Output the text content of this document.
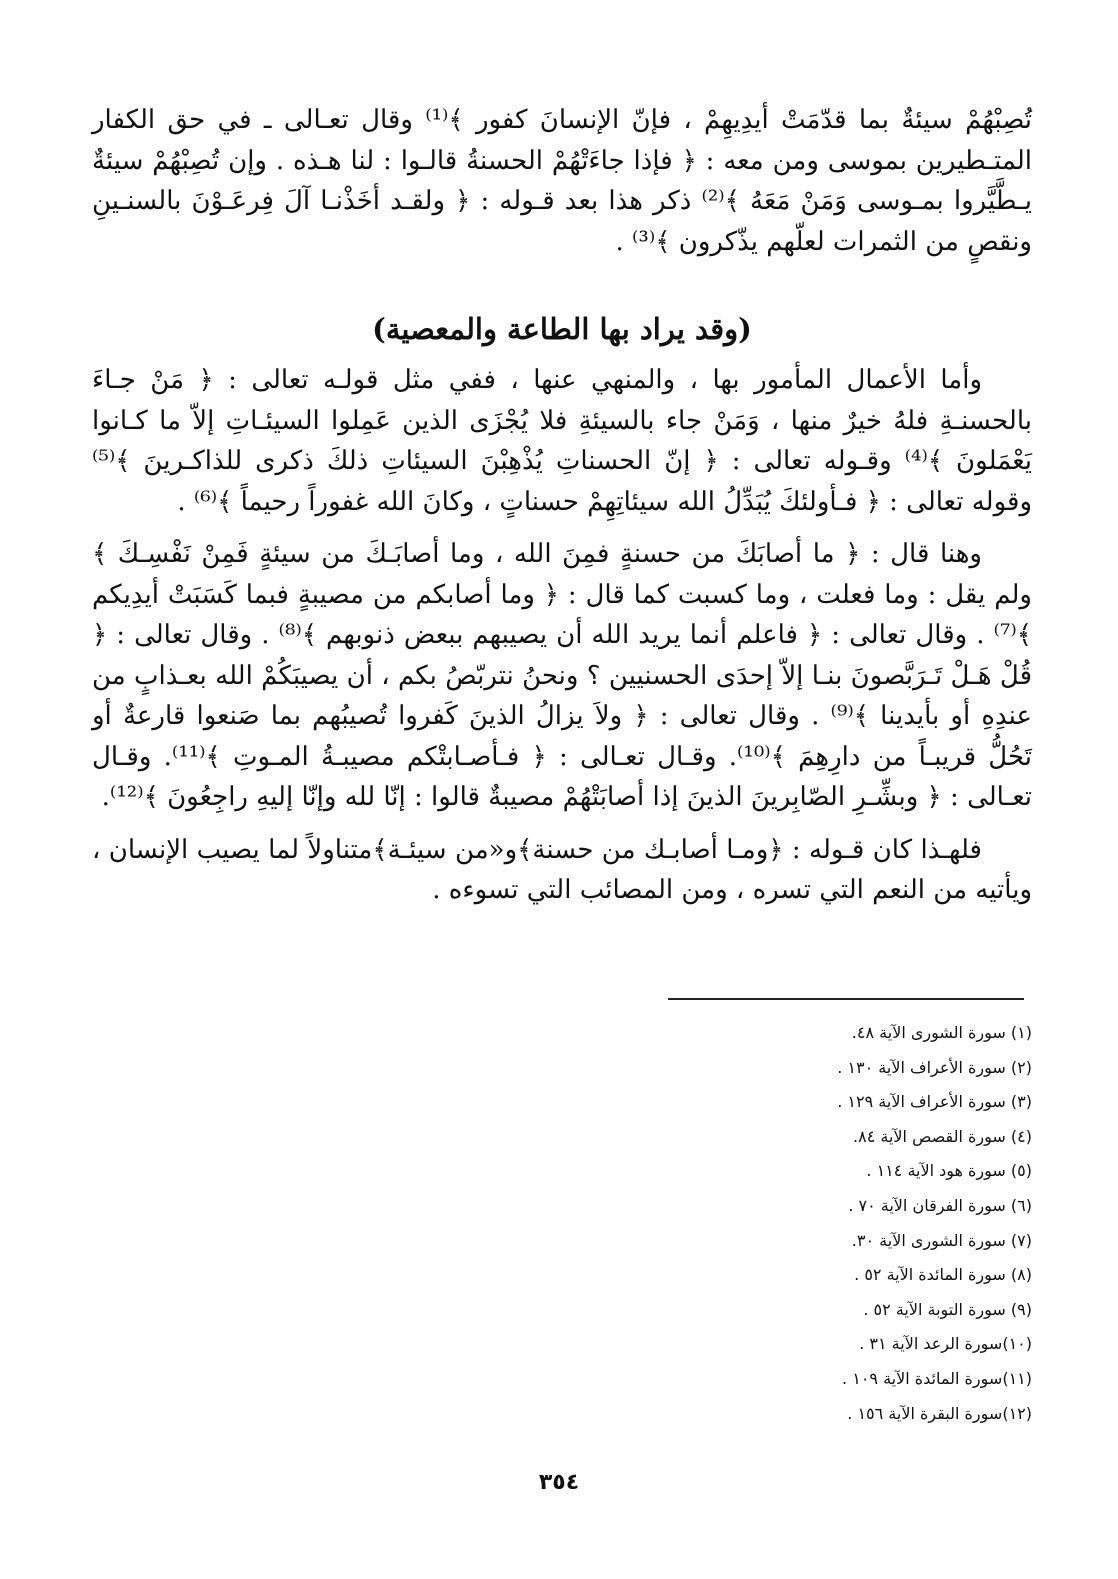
تُصِبْهُمْ سيئةٌ بما قدّمَتْ أيدِيهِمْ ، فإنّ الإنسانَ كفور ﴾⁽¹⁾ وقال تعـالى ـ في حق الكفار المتـطيرين بموسى ومن معه : ﴿ فإذا جاءَتْهُمْ الحسنةُ قالـوا : لنا هـذه . وإن تُصِبْهُمْ سيئةٌ يـطَّيَّروا بمـوسى وَمَنْ مَعَهُ ﴾⁽²⁾ ذكر هذا بعد قـوله : ﴿ ولقـد أخَذْنـا آلَ فِرعَـوْنَ بالسنـينِ ونقصٍ من الثمرات لعلّهم يذّكرون ﴾⁽³⁾ .

(وقد يراد بها الطاعة والمعصية)

وأما الأعمال المأمور بها ، والمنهي عنها ، ففي مثل قولـه تعالى : ﴿ مَنْ جـاءَ بالحسنـةِ فلهُ خيرٌ منها ، وَمَنْ جاء بالسيئةِ فلا يُجْزَى الذين عَمِلوا السيئـاتِ إلاّ ما كـانوا يَعْمَلونَ ﴾⁽⁴⁾ وقـوله تعالى : ﴿ إنّ الحسناتِ يُذْهِبْنَ السيئاتِ ذلكَ ذكرى للذاكـرينَ ﴾⁽⁵⁾ وقوله تعالى : ﴿ فـأولئكَ يُبَدِّلُ الله سيئاتِهِمْ حسناتٍ ، وكانَ الله غفوراً رحيماً ﴾⁽⁶⁾ .

وهنا قال : ﴿ ما أصابَكَ من حسنةٍ فمِنَ الله ، وما أصابَـكَ من سيئةٍ فَمِنْ نَفْسِـكَ ﴾ ولم يقل : وما فعلت ، وما كسبت كما قال : ﴿ وما أصابكم من مصيبةٍ فبما كَسَبَتْ أيدِيكم ﴾⁽⁷⁾ . وقال تعالى : ﴿ فاعلم أنما يريد الله أن يصيبهم ببعض ذنوبهم ﴾⁽⁸⁾ . وقال تعالى : ﴿ قُلْ هَـلْ تَـرَبَّصونَ بنـا إلاّ إحدَى الحسنيين ؟ ونحنُ نتربّصُ بكم ، أن يصيبَكُمْ الله بعـذابٍ من عندِهِ أو بأيدينا ﴾⁽⁹⁾ . وقال تعالى : ﴿ ولاَ يزالُ الذينَ كَفروا تُصيبُهم بما صَنعوا قارعةٌ أو تَحُلُّ قريبـاً من دارِهِمَ ﴾⁽¹⁰⁾. وقـال تعـالى : ﴿ فـأصـابتْكم مصيبـةُ المـوتِ ﴾⁽¹¹⁾. وقـال تعـالى : ﴿ وبشِّـرِ الصّابِرينَ الذينَ إذا أصابَتْهُمْ مصيبةٌ قالوا : إنّا لله وإنّا إليهِ راجِعُونَ ﴾⁽¹²⁾.

فلهـذا كان قـوله : ﴿ومـا أصابـك من حسنة﴾و«من سيئـة﴾متناولاً لما يصيب الإنسان ، ويأتيه من النعم التي تسره ، ومن المصائب التي تسوءه .

(١) سورة الشورى الآية ٤٨.
(٢) سورة الأعراف الآية ١٣٠ .
(٣) سورة الأعراف الآية ١٢٩ .
(٤) سورة القصص الآية ٨٤.
(٥) سورة هود الآية ١١٤ .
(٦) سورة الفرقان الآية ٧٠ .
(٧) سورة الشورى الآية ٣٠.
(٨) سورة المائدة الآية ٥٢ .
(٩) سورة التوبة الآية ٥٢ .
(١٠)سورة الرعد الآية ٣١ .
(١١)سورة المائدة الآية ١٠٩ .
(١٢)سورة البقرة الآية ١٥٦ .
٣٥٤
